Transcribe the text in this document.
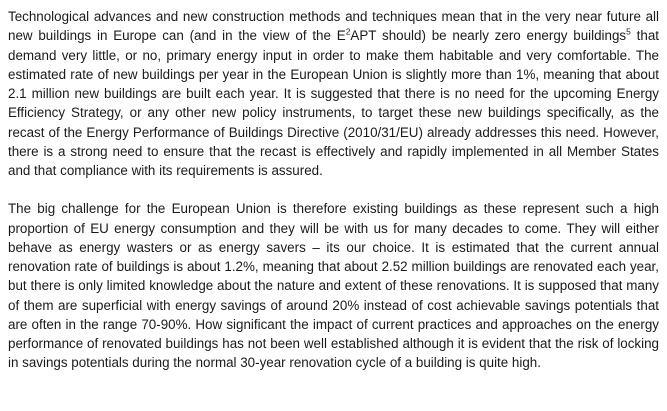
Technological advances and new construction methods and techniques mean that in the very near future all new buildings in Europe can (and in the view of the $E^2APT$ should) be nearly zero energy buildings$^5$ that demand very little, or no, primary energy input in order to make them habitable and very comfortable. The estimated rate of new buildings per year in the European Union is slightly more than 1%, meaning that about 2.1 million new buildings are built each year. It is suggested that there is no need for the upcoming Energy Efficiency Strategy, or any other new policy instruments, to target these new buildings specifically, as the recast of the Energy Performance of Buildings Directive (2010/31/EU) already addresses this need. However, there is a strong need to ensure that the recast is effectively and rapidly implemented in all Member States and that compliance with its requirements is assured.

The big challenge for the European Union is therefore existing buildings as these represent such a high proportion of EU energy consumption and they will be with us for many decades to come. They will either behave as energy wasters or as energy savers – its our choice. It is estimated that the current annual renovation rate of buildings is about 1.2%, meaning that about 2.52 million buildings are renovated each year, but there is only limited knowledge about the nature and extent of these renovations. It is supposed that many of them are superficial with energy savings of around 20% instead of cost achievable savings potentials that are often in the range 70-90%. How significant the impact of current practices and approaches on the energy performance of renovated buildings has not been well established although it is evident that the risk of locking in savings potentials during the normal 30-year renovation cycle of a building is quite high.
